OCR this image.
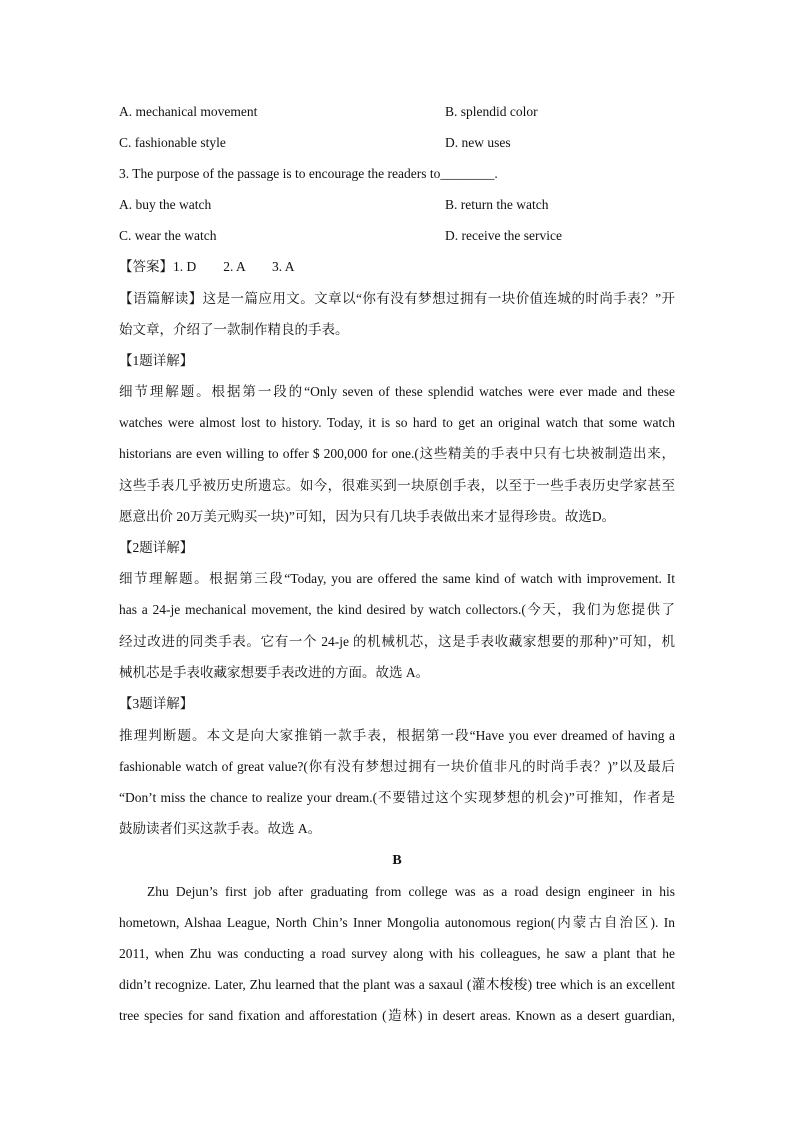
A. mechanical movement	B. splendid color
C. fashionable style	D. new uses
3. The purpose of the passage is to encourage the readers to________.
A. buy the watch	B. return the watch
C. wear the watch	D. receive the service
【答案】1. D　　2. A　　3. A
【语篇解读】这是一篇应用文。文章以“你有没有梦想过拥有一块价值连城的时尚手表？”开
始文章，介绍了一款制作精良的手表。
【1题详解】
细节理解题。根据第一段的“Only seven of these splendid watches were ever made and these
watches were almost lost to history. Today, it is so hard to get an original watch that some watch
historians are even willing to offer $ 200,000 for one.(这些精美的手表中只有七块被制造出来，
这些手表几乎被历史所遗忘。如今，很难买到一块原创手表，以至于一些手表历史学家甚至
愿意出价 20万美元购买一块)”可知，因为只有几块手表做出来才显得珍贵。故选D。
【2题详解】
细节理解题。根据第三段“Today, you are offered the same kind of watch with improvement. It
has a 24-je mechanical movement, the kind desired by watch collectors.(今天，我们为您提供了
经过改进的同类手表。它有一个 24-je 的机械机芯，这是手表收藏家想要的那种)”可知，机
械机芯是手表收藏家想要手表改进的方面。故选 A。
【3题详解】
推理判断题。本文是向大家推销一款手表，根据第一段“Have you ever dreamed of having a
fashionable watch of great value?(你有没有梦想过拥有一块价值非凡的时尚手表？)”以及最后
“Don’t miss the chance to realize your dream.(不要错过这个实现梦想的机会)”可推知，作者是
鼓励读者们买这款手表。故选 A。
B
Zhu Dejun’s first job after graduating from college was as a road design engineer in his
hometown, Alshaa League, North Chin’s Inner Mongolia autonomous region(内蒙古自治区). In
2011, when Zhu was conducting a road survey along with his colleagues, he saw a plant that he
didn’t recognize. Later, Zhu learned that the plant was a saxaul (灌木梭梭) tree which is an excellent
tree species for sand fixation and afforestation (造林) in desert areas. Known as a desert guardian,
